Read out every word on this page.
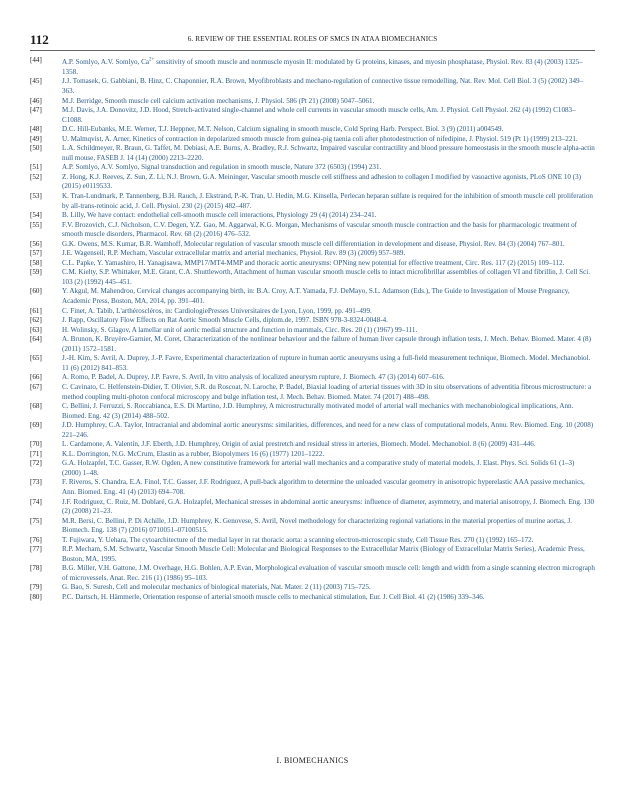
112	6. REVIEW OF THE ESSENTIAL ROLES OF SMCS IN ATAA BIOMECHANICS
[44]	A.P. Somlyo, A.V. Somlyo, $Ca^{2+}$ sensitivity of smooth muscle and nonmuscle myosin II: modulated by G proteins, kinases, and myosin phosphatase, Physiol. Rev. 83 (4) (2003) 1325–1358.
[45]	J.J. Tomasek, G. Gabbiani, B. Hinz, C. Chaponnier, R.A. Brown, Myofibroblasts and mechano-regulation of connective tissue remodelling, Nat. Rev. Mol. Cell Biol. 3 (5) (2002) 349–363.
[46]	M.J. Berridge, Smooth muscle cell calcium activation mechanisms, J. Physiol. 586 (Pt 21) (2008) 5047–5061.
[47]	M.J. Davis, J.A. Donovitz, J.D. Hood, Stretch-activated single-channel and whole cell currents in vascular smooth muscle cells, Am. J. Physiol. Cell Physiol. 262 (4) (1992) C1083–C1088.
[48]	D.C. Hill-Eubanks, M.E. Werner, T.J. Heppner, M.T. Nelson, Calcium signaling in smooth muscle, Cold Spring Harb. Perspect. Biol. 3 (9) (2011) a004549.
[49]	U. Malmqvist, A. Arner, Kinetics of contraction in depolarized smooth muscle from guinea-pig taenia coli after photodestruction of nifedipine, J. Physiol. 519 (Pt 1) (1999) 213–221.
[50]	L.A. Schildmeyer, R. Braun, G. Taffet, M. Debiasi, A.E. Burns, A. Bradley, R.J. Schwartz, Impaired vascular contractility and blood pressure homeostasis in the smooth muscle alpha-actin null mouse, FASEB J. 14 (14) (2000) 2213–2220.
[51]	A.P. Somlyo, A.V. Somlyo, Signal transduction and regulation in smooth muscle, Nature 372 (6503) (1994) 231.
[52]	Z. Hong, K.J. Reeves, Z. Sun, Z. Li, N.J. Brown, G.A. Meininger, Vascular smooth muscle cell stiffness and adhesion to collagen I modified by vasoactive agonists, PLoS ONE 10 (3) (2015) e0119533.
[53]	K. Tran-Lundmark, P. Tannenberg, B.H. Rauch, J. Ekstrand, P.-K. Tran, U. Hedin, M.G. Kinsella, Perlecan heparan sulfate is required for the inhibition of smooth muscle cell proliferation by all-trans-retinoic acid, J. Cell. Physiol. 230 (2) (2015) 482–487.
[54]	B. Lilly, We have contact: endothelial cell-smooth muscle cell interactions, Physiology 29 (4) (2014) 234–241.
[55]	F.V. Brozovich, C.J. Nicholson, C.V. Degen, Y.Z. Gao, M. Aggarwal, K.G. Morgan, Mechanisms of vascular smooth muscle contraction and the basis for pharmacologic treatment of smooth muscle disorders, Pharmacol. Rev. 68 (2) (2016) 476–532.
[56]	G.K. Owens, M.S. Kumar, B.R. Wamhoff, Molecular regulation of vascular smooth muscle cell differentiation in development and disease, Physiol. Rev. 84 (3) (2004) 767–801.
[57]	J.E. Wagenseil, R.P. Mecham, Vascular extracellular matrix and arterial mechanics, Physiol. Rev. 89 (3) (2009) 957–989.
[58]	C.L. Papke, Y. Yamashiro, H. Yanagisawa, MMP17/MT4-MMP and thoracic aortic aneurysms: OPNing new potential for effective treatment, Circ. Res. 117 (2) (2015) 109–112.
[59]	C.M. Kielty, S.P. Whittaker, M.E. Grant, C.A. Shuttleworth, Attachment of human vascular smooth muscle cells to intact microfibrillar assemblies of collagen VI and fibrillin, J. Cell Sci. 103 (2) (1992) 445–451.
[60]	Y. Akgul, M. Mahendroo, Cervical changes accompanying birth, in: B.A. Croy, A.T. Yamada, F.J. DeMayo, S.L. Adamson (Eds.), The Guide to Investigation of Mouse Pregnancy, Academic Press, Boston, MA, 2014, pp. 391–401.
[61]	C. Finet, A. Tabib, L'arthéroscléros, in: CardiologiePresses Universitaires de Lyon, Lyon, 1999, pp. 491–499.
[62]	J. Rapp, Oscillatory Flow Effects on Rat Aortic Smooth Muscle Cells, diplom.de, 1997. ISBN 978-3-8324-0048-4.
[63]	H. Wolinsky, S. Glagov, A lamellar unit of aortic medial structure and function in mammals, Circ. Res. 20 (1) (1967) 99–111.
[64]	A. Brunon, K. Bruyère-Garnier, M. Coret, Characterization of the nonlinear behaviour and the failure of human liver capsule through inflation tests, J. Mech. Behav. Biomed. Mater. 4 (8) (2011) 1572–1581.
[65]	J.-H. Kim, S. Avril, A. Duprey, J.-P. Favre, Experimental characterization of rupture in human aortic aneurysms using a full-field measurement technique, Biomech. Model. Mechanobiol. 11 (6) (2012) 841–853.
[66]	A. Romo, P. Badel, A. Duprey, J.P. Favre, S. Avril, In vitro analysis of localized aneurysm rupture, J. Biomech. 47 (3) (2014) 607–616.
[67]	C. Cavinato, C. Helfenstein-Didier, T. Olivier, S.R. du Roscoat, N. Laroche, P. Badel, Biaxial loading of arterial tissues with 3D in situ observations of adventitia fibrous microstructure: a method coupling multi-photon confocal microscopy and bulge inflation test, J. Mech. Behav. Biomed. Mater. 74 (2017) 488–498.
[68]	C. Bellini, J. Ferruzzi, S. Roccabianca, E.S. Di Martino, J.D. Humphrey, A microstructurally motivated model of arterial wall mechanics with mechanobiological implications, Ann. Biomed. Eng. 42 (3) (2014) 488–502.
[69]	J.D. Humphrey, C.A. Taylor, Intracranial and abdominal aortic aneurysms: similarities, differences, and need for a new class of computational models, Annu. Rev. Biomed. Eng. 10 (2008) 221–246.
[70]	L. Cardamone, A. Valentín, J.F. Eberth, J.D. Humphrey, Origin of axial prestretch and residual stress in arteries, Biomech. Model. Mechanobiol. 8 (6) (2009) 431–446.
[71]	K.L. Dorrington, N.G. McCrum, Elastin as a rubber, Biopolymers 16 (6) (1977) 1201–1222.
[72]	G.A. Holzapfel, T.C. Gasser, R.W. Ogden, A new constitutive framework for arterial wall mechanics and a comparative study of material models, J. Elast. Phys. Sci. Solids 61 (1–3) (2000) 1–48.
[73]	F. Riveros, S. Chandra, E.A. Finol, T.C. Gasser, J.F. Rodriguez, A pull-back algorithm to determine the unloaded vascular geometry in anisotropic hyperelastic AAA passive mechanics, Ann. Biomed. Eng. 41 (4) (2013) 694–708.
[74]	J.F. Rodríguez, C. Ruiz, M. Doblaré, G.A. Holzapfel, Mechanical stresses in abdominal aortic aneurysms: influence of diameter, asymmetry, and material anisotropy, J. Biomech. Eng. 130 (2) (2008) 21–23.
[75]	M.R. Bersi, C. Bellini, P. Di Achille, J.D. Humphrey, K. Genovese, S. Avril, Novel methodology for characterizing regional variations in the material properties of murine aortas, J. Biomech. Eng. 138 (7) (2016) 0710051–07100515.
[76]	T. Fujiwara, Y. Uehara, The cytoarchitecture of the medial layer in rat thoracic aorta: a scanning electron-microscopic study, Cell Tissue Res. 270 (1) (1992) 165–172.
[77]	R.P. Mecham, S.M. Schwartz, Vascular Smooth Muscle Cell: Molecular and Biological Responses to the Extracellular Matrix (Biology of Extracellular Matrix Series), Academic Press, Boston, MA, 1995.
[78]	B.G. Miller, V.H. Gattone, J.M. Overhage, H.G. Bohlen, A.P. Evan, Morphological evaluation of vascular smooth muscle cell: length and width from a single scanning electron micrograph of microvessels, Anat. Rec. 216 (1) (1986) 95–103.
[79]	G. Bao, S. Suresh, Cell and molecular mechanics of biological materials, Nat. Mater. 2 (11) (2003) 715–725.
[80]	P.C. Dartsch, H. Hämmerle, Orientation response of arterial smooth muscle cells to mechanical stimulation, Eur. J. Cell Biol. 41 (2) (1986) 339–346.
I. BIOMECHANICS
